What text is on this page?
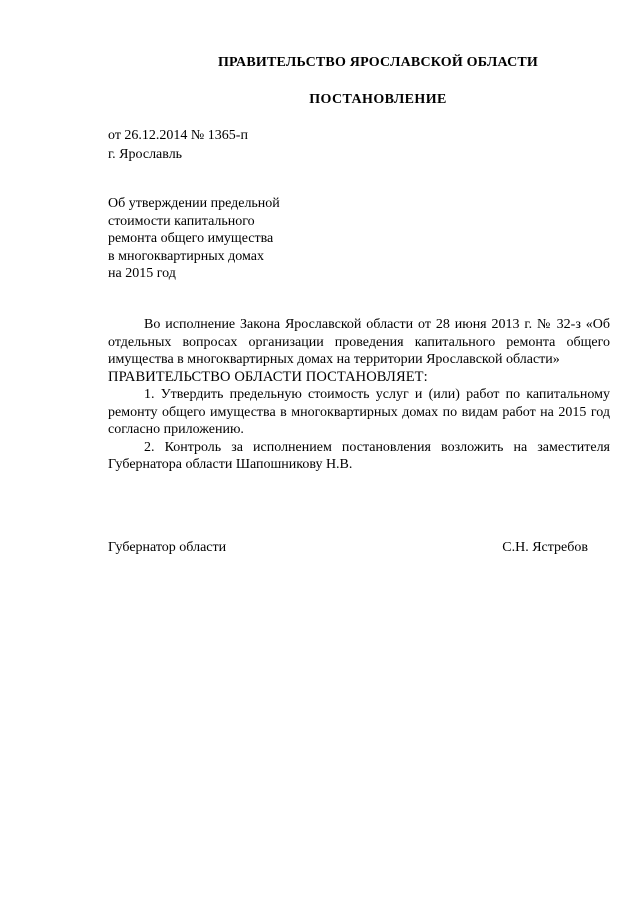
ПРАВИТЕЛЬСТВО ЯРОСЛАВСКОЙ ОБЛАСТИ
ПОСТАНОВЛЕНИЕ
от 26.12.2014 № 1365-п
г. Ярославль
Об утверждении предельной
стоимости капитального
ремонта общего имущества
в многоквартирных домах
на 2015 год

Во исполнение Закона Ярославской области от 28 июня 2013 г. № 32-з «Об отдельных вопросах организации проведения капитального ремонта общего имущества в многоквартирных домах на территории Ярославской области»

ПРАВИТЕЛЬСТВО ОБЛАСТИ ПОСТАНОВЛЯЕТ:

1. Утвердить предельную стоимость услуг и (или) работ по капитальному ремонту общего имущества в многоквартирных домах по видам работ на 2015 год согласно приложению.

2. Контроль за исполнением постановления возложить на заместителя Губернатора области Шапошникову Н.В.

Губернатор области	С.Н. Ястребов
